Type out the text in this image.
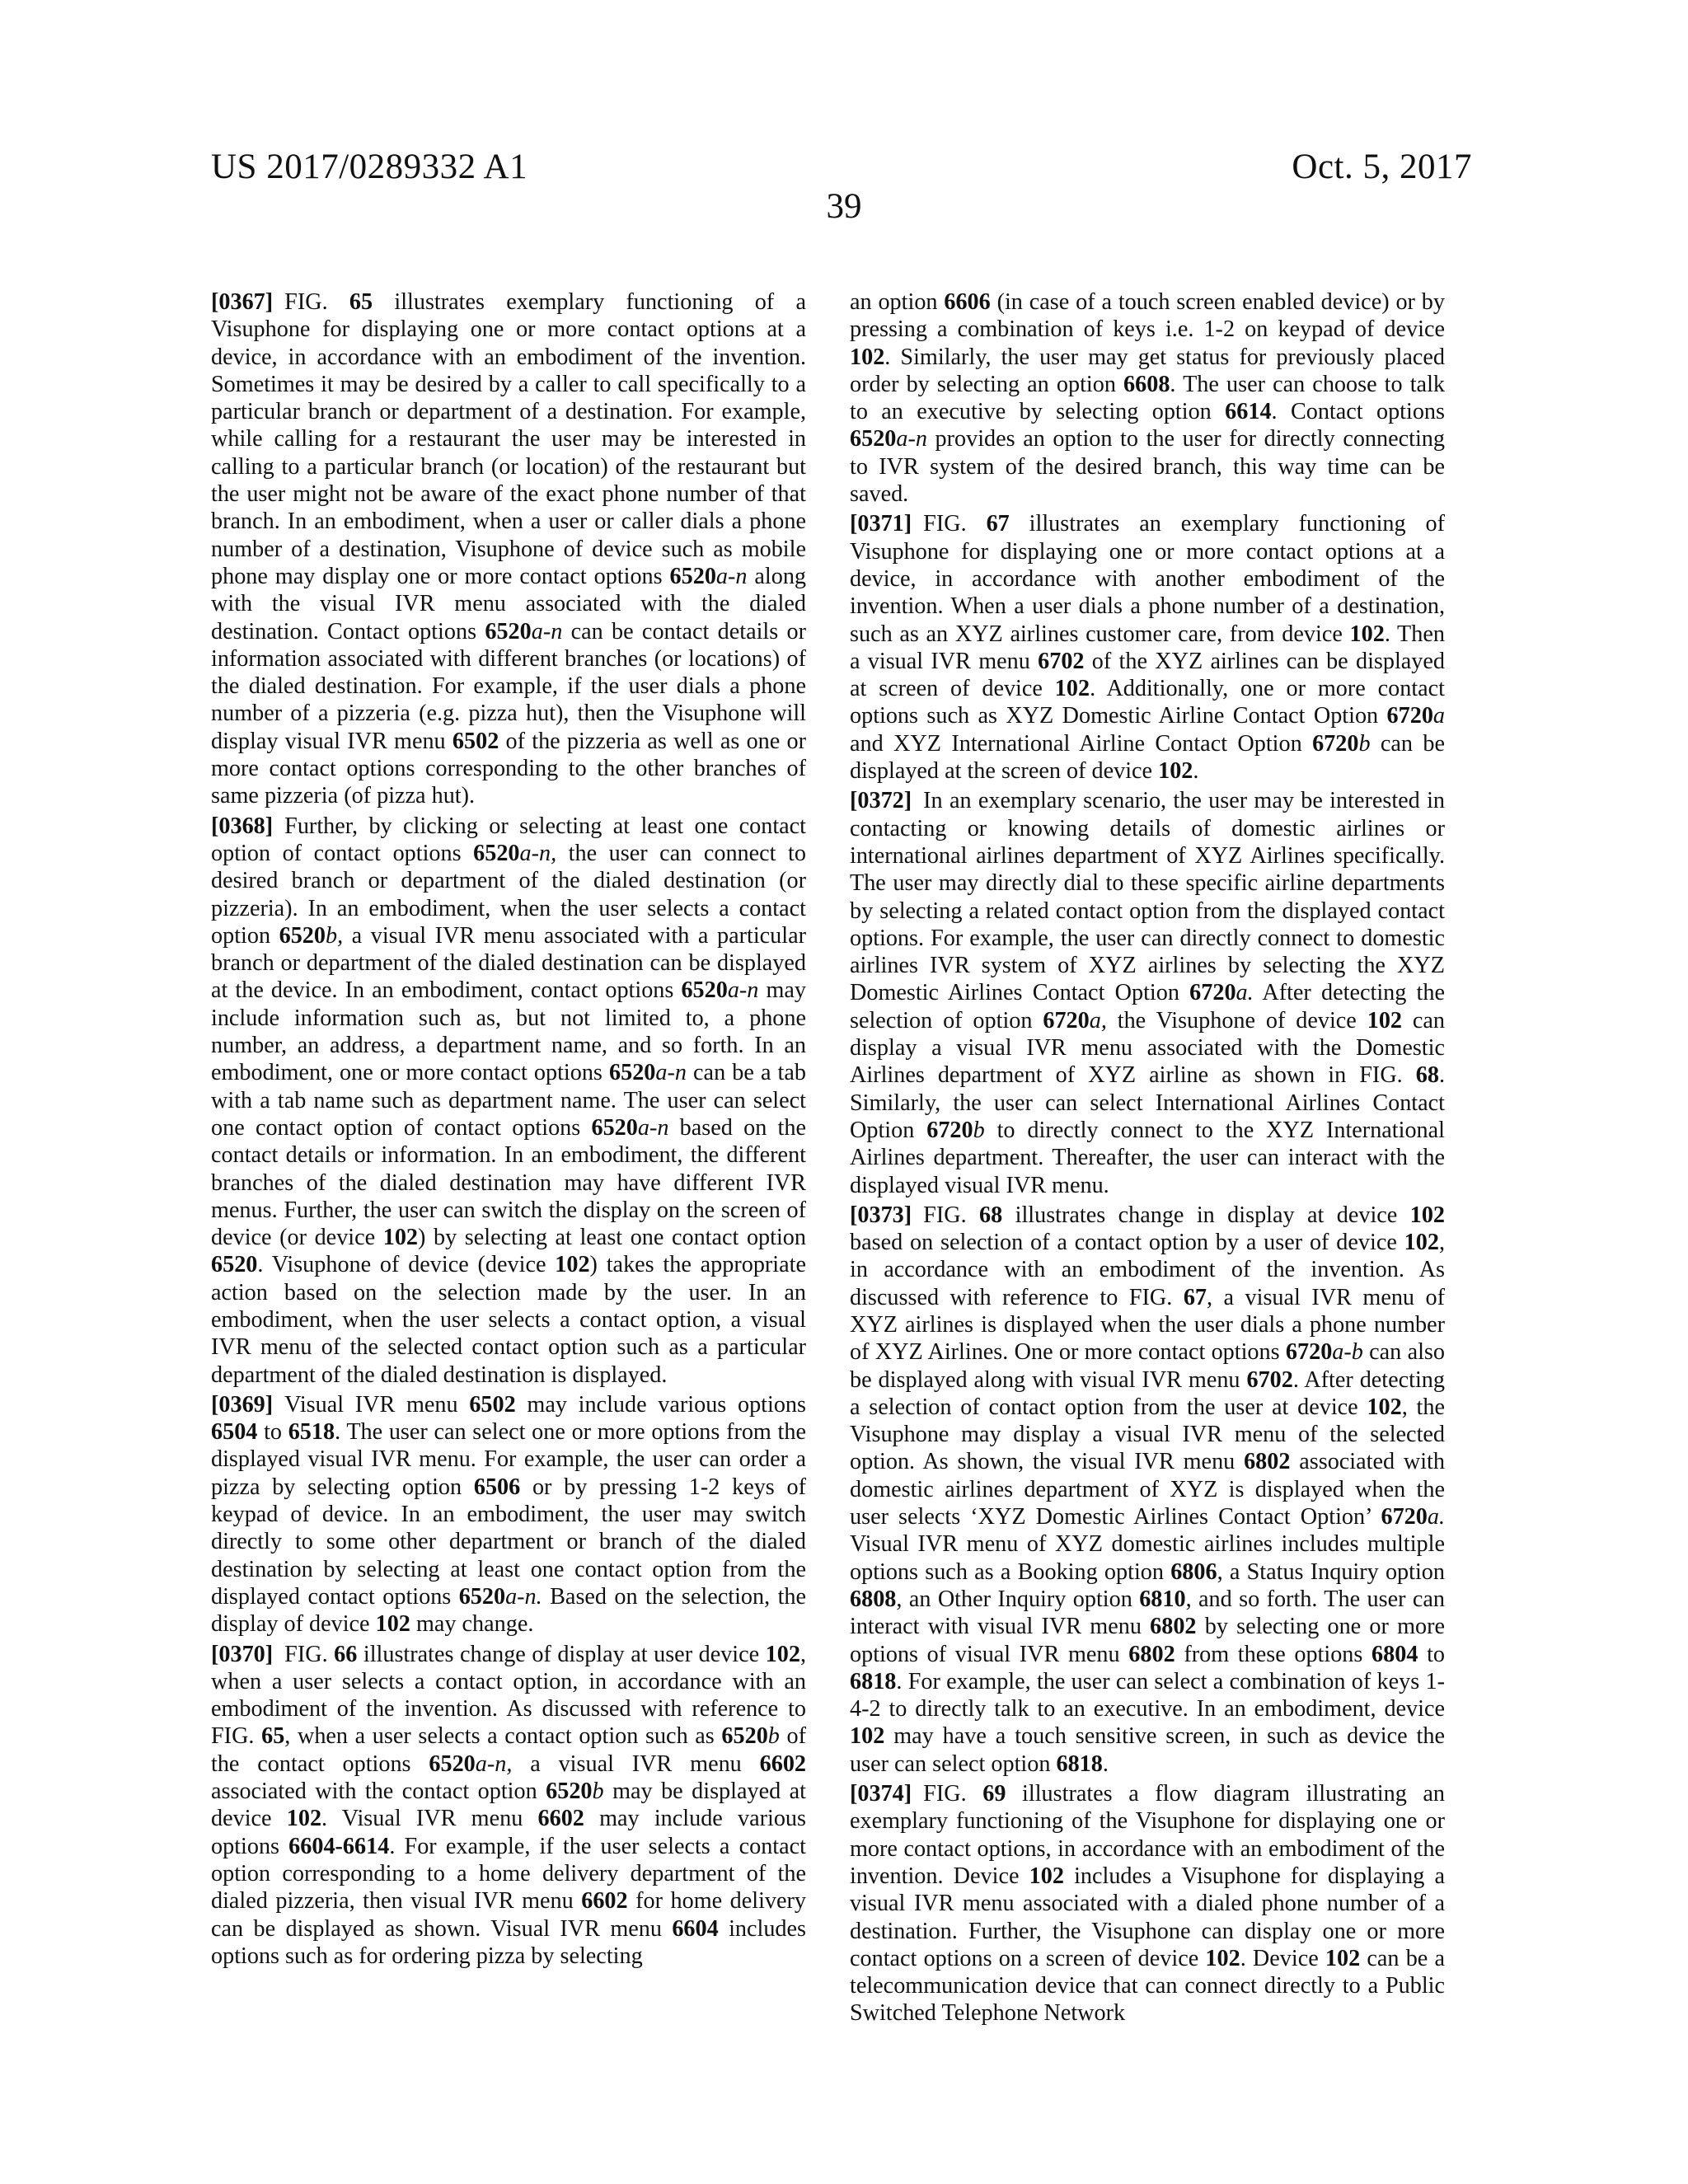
US 2017/0289332 A1	Oct. 5, 2017
39

[0367] FIG. 65 illustrates exemplary functioning of a Visuphone for displaying one or more contact options at a device, in accordance with an embodiment of the invention. Sometimes it may be desired by a caller to call specifically to a particular branch or department of a destination. For example, while calling for a restaurant the user may be interested in calling to a particular branch (or location) of the restaurant but the user might not be aware of the exact phone number of that branch. In an embodiment, when a user or caller dials a phone number of a destination, Visuphone of device such as mobile phone may display one or more contact options 6520a-n along with the visual IVR menu associated with the dialed destination. Contact options 6520a-n can be contact details or information associated with different branches (or locations) of the dialed destination. For example, if the user dials a phone number of a pizzeria (e.g. pizza hut), then the Visuphone will display visual IVR menu 6502 of the pizzeria as well as one or more contact options corresponding to the other branches of same pizzeria (of pizza hut).

[0368] Further, by clicking or selecting at least one contact option of contact options 6520a-n, the user can connect to desired branch or department of the dialed destination (or pizzeria). In an embodiment, when the user selects a contact option 6520b, a visual IVR menu associated with a particular branch or department of the dialed destination can be displayed at the device. In an embodiment, contact options 6520a-n may include information such as, but not limited to, a phone number, an address, a department name, and so forth. In an embodiment, one or more contact options 6520a-n can be a tab with a tab name such as department name. The user can select one contact option of contact options 6520a-n based on the contact details or information. In an embodiment, the different branches of the dialed destination may have different IVR menus. Further, the user can switch the display on the screen of device (or device 102) by selecting at least one contact option 6520. Visuphone of device (device 102) takes the appropriate action based on the selection made by the user. In an embodiment, when the user selects a contact option, a visual IVR menu of the selected contact option such as a particular department of the dialed destination is displayed.

[0369] Visual IVR menu 6502 may include various options 6504 to 6518. The user can select one or more options from the displayed visual IVR menu. For example, the user can order a pizza by selecting option 6506 or by pressing 1-2 keys of keypad of device. In an embodiment, the user may switch directly to some other department or branch of the dialed destination by selecting at least one contact option from the displayed contact options 6520a-n. Based on the selection, the display of device 102 may change.

[0370] FIG. 66 illustrates change of display at user device 102, when a user selects a contact option, in accordance with an embodiment of the invention. As discussed with reference to FIG. 65, when a user selects a contact option such as 6520b of the contact options 6520a-n, a visual IVR menu 6602 associated with the contact option 6520b may be displayed at device 102. Visual IVR menu 6602 may include various options 6604-6614. For example, if the user selects a contact option corresponding to a home delivery department of the dialed pizzeria, then visual IVR menu 6602 for home delivery can be displayed as shown. Visual IVR menu 6604 includes options such as for ordering pizza by selecting

an option 6606 (in case of a touch screen enabled device) or by pressing a combination of keys i.e. 1-2 on keypad of device 102. Similarly, the user may get status for previously placed order by selecting an option 6608. The user can choose to talk to an executive by selecting option 6614. Contact options 6520a-n provides an option to the user for directly connecting to IVR system of the desired branch, this way time can be saved.

[0371] FIG. 67 illustrates an exemplary functioning of Visuphone for displaying one or more contact options at a device, in accordance with another embodiment of the invention. When a user dials a phone number of a destination, such as an XYZ airlines customer care, from device 102. Then a visual IVR menu 6702 of the XYZ airlines can be displayed at screen of device 102. Additionally, one or more contact options such as XYZ Domestic Airline Contact Option 6720a and XYZ International Airline Contact Option 6720b can be displayed at the screen of device 102.

[0372] In an exemplary scenario, the user may be interested in contacting or knowing details of domestic airlines or international airlines department of XYZ Airlines specifically. The user may directly dial to these specific airline departments by selecting a related contact option from the displayed contact options. For example, the user can directly connect to domestic airlines IVR system of XYZ airlines by selecting the XYZ Domestic Airlines Contact Option 6720a. After detecting the selection of option 6720a, the Visuphone of device 102 can display a visual IVR menu associated with the Domestic Airlines department of XYZ airline as shown in FIG. 68. Similarly, the user can select International Airlines Contact Option 6720b to directly connect to the XYZ International Airlines department. Thereafter, the user can interact with the displayed visual IVR menu.

[0373] FIG. 68 illustrates change in display at device 102 based on selection of a contact option by a user of device 102, in accordance with an embodiment of the invention. As discussed with reference to FIG. 67, a visual IVR menu of XYZ airlines is displayed when the user dials a phone number of XYZ Airlines. One or more contact options 6720a-b can also be displayed along with visual IVR menu 6702. After detecting a selection of contact option from the user at device 102, the Visuphone may display a visual IVR menu of the selected option. As shown, the visual IVR menu 6802 associated with domestic airlines department of XYZ is displayed when the user selects ‘XYZ Domestic Airlines Contact Option’ 6720a. Visual IVR menu of XYZ domestic airlines includes multiple options such as a Booking option 6806, a Status Inquiry option 6808, an Other Inquiry option 6810, and so forth. The user can interact with visual IVR menu 6802 by selecting one or more options of visual IVR menu 6802 from these options 6804 to 6818. For example, the user can select a combination of keys 1-4-2 to directly talk to an executive. In an embodiment, device 102 may have a touch sensitive screen, in such as device the user can select option 6818.

[0374] FIG. 69 illustrates a flow diagram illustrating an exemplary functioning of the Visuphone for displaying one or more contact options, in accordance with an embodiment of the invention. Device 102 includes a Visuphone for displaying a visual IVR menu associated with a dialed phone number of a destination. Further, the Visuphone can display one or more contact options on a screen of device 102. Device 102 can be a telecommunication device that can connect directly to a Public Switched Telephone Network
